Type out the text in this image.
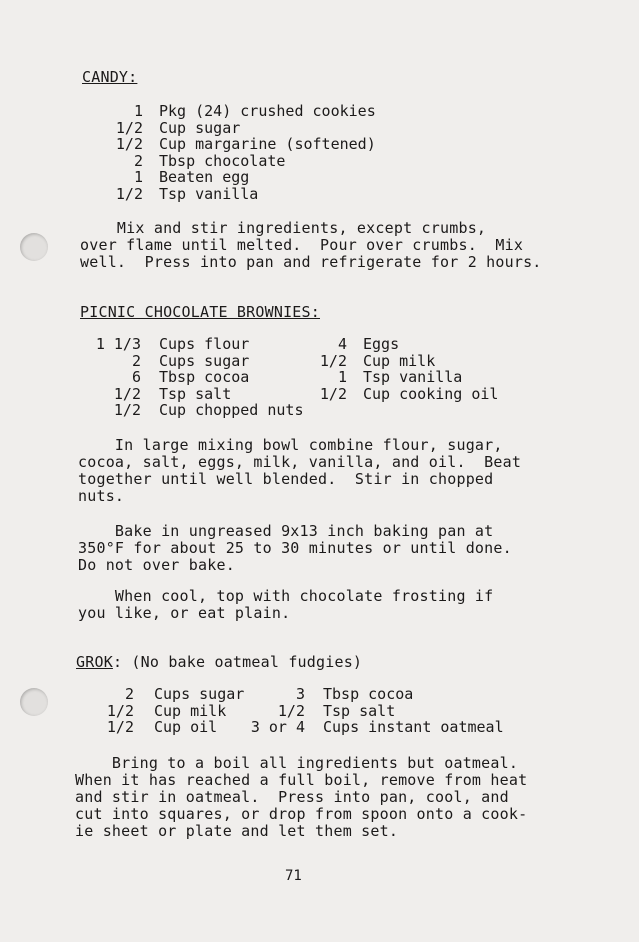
CANDY:
1 Pkg (24) crushed cookies
1/2 Cup sugar
1/2 Cup margarine (softened)
2 Tbsp chocolate
1 Beaten egg
1/2 Tsp vanilla
Mix and stir ingredients, except crumbs,
over flame until melted.  Pour over crumbs.  Mix
well.  Press into pan and refrigerate for 2 hours.
PICNIC CHOCOLATE BROWNIES:
1 1/3 Cups flour
2 Cups sugar
6 Tbsp cocoa
1/2 Tsp salt
1/2 Cup chopped nuts
4 Eggs
1/2 Cup milk
1 Tsp vanilla
1/2 Cup cooking oil
In large mixing bowl combine flour, sugar,
cocoa, salt, eggs, milk, vanilla, and oil.  Beat
together until well blended.  Stir in chopped
nuts.
Bake in ungreased 9x13 inch baking pan at
350°F for about 25 to 30 minutes or until done.
Do not over bake.
When cool, top with chocolate frosting if
you like, or eat plain.
GROK: (No bake oatmeal fudgies)
2 Cups sugar
1/2 Cup milk
1/2 Cup oil
3 Tbsp cocoa
1/2 Tsp salt
3 or 4 Cups instant oatmeal
Bring to a boil all ingredients but oatmeal.
When it has reached a full boil, remove from heat
and stir in oatmeal.  Press into pan, cool, and
cut into squares, or drop from spoon onto a cook-
ie sheet or plate and let them set.
71
